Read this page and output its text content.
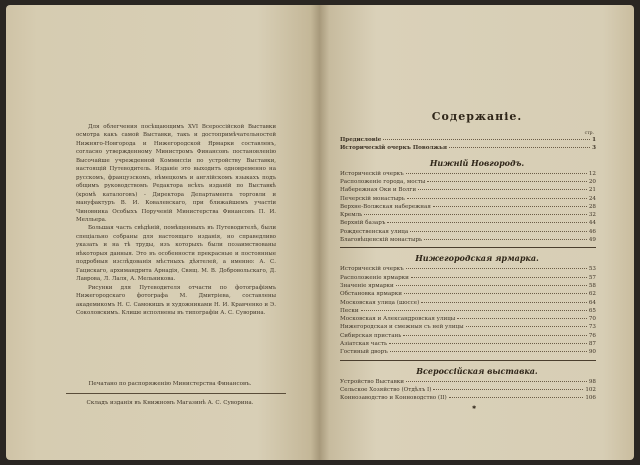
Для облегчения посѣщающимъ XVI Всероссійской Выставки осмотра какъ самой Выставки, такъ и достопримѣчательностей Нижняго-Новгорода и Нижегородской Ярмарки составленъ, согласно утвержденному Министромъ Финансовъ постановленію Высочайше учрежденной Коммиссіи по устройству Выставки, настоящій Путеводитель. Изданіе это выходитъ одновременно на русскомъ, французскомъ, нѣмецкомъ и англійскомъ языкахъ подъ общимъ руководствомъ Редактора всѣхъ изданій по Выставкѣ (кромѣ каталоговъ) - Директора Департамента торговли и мануфактуръ В. И. Ковалевскаго, при ближайшемъ участіи Чиновника Особыхъ Порученій Министерства Финансовъ П. И. Мелльера.

Большая часть свѣдѣній, помѣщенныхъ въ Путеводителѣ, были спеціально собраны для настоящаго изданія, но справедливо указать и на тѣ труды, изъ которыхъ были позаимствованы нѣкоторыя данныя. Это въ особенности прекрасные и постоянные подробныя изслѣдованія мѣстныхъ дѣятелей, а именно: А. С. Гацискаго, архимандрита Арнадія, Свящ. М. В. Добровольскаго, Д. Лаврова, Л. Лаля, А. Мельникова.

Рисунки для Путеводителя отчасти по фотографіямъ Нижегородскаго фотографа М. Дмитріева, составлены академикомъ Н. С. Самокишъ и художниками Н. И. Кравченко и Э. Соколовскимъ. Клише исполнены въ типографіи А. С. Суворина.

Печатано по распоряженію Министерства Финансовъ.

Складъ изданія въ Книжномъ Магазинѣ А. С. Суворина.

Содержаніе.
стр.
Предисловіе	1
Историческій очеркъ Поволжья	3
Нижній Новгородъ.
Историческій очеркъ	12
Расположеніе города, мосты	20
Набережная Оки и Волги	21
Печерскій монастырь	24
Верхне-Волжская набережная	28
Кремль	32
Верхній базаръ	44
Рождественская улица	46
Благовѣщенскій монастырь	49
Нижегородская ярмарка.
Историческій очеркъ	53
Расположеніе ярмарки	57
Значеніе ярмарки	58
Обстановка ярмарки	62
Московская улица (шоссе)	64
Пески	65
Московская и Александровская улицы	70
Нижегородская и смежныя съ ней улицы	73
Сибирская пристань	76
Азіатская часть	87
Гостиный дворъ	90
Всероссійская выставка.
Устройство Выставки	98
Сельское Хозяйство (Отдѣлъ I)	102
Коннозаводство и Конноводство (II)	106
✱
